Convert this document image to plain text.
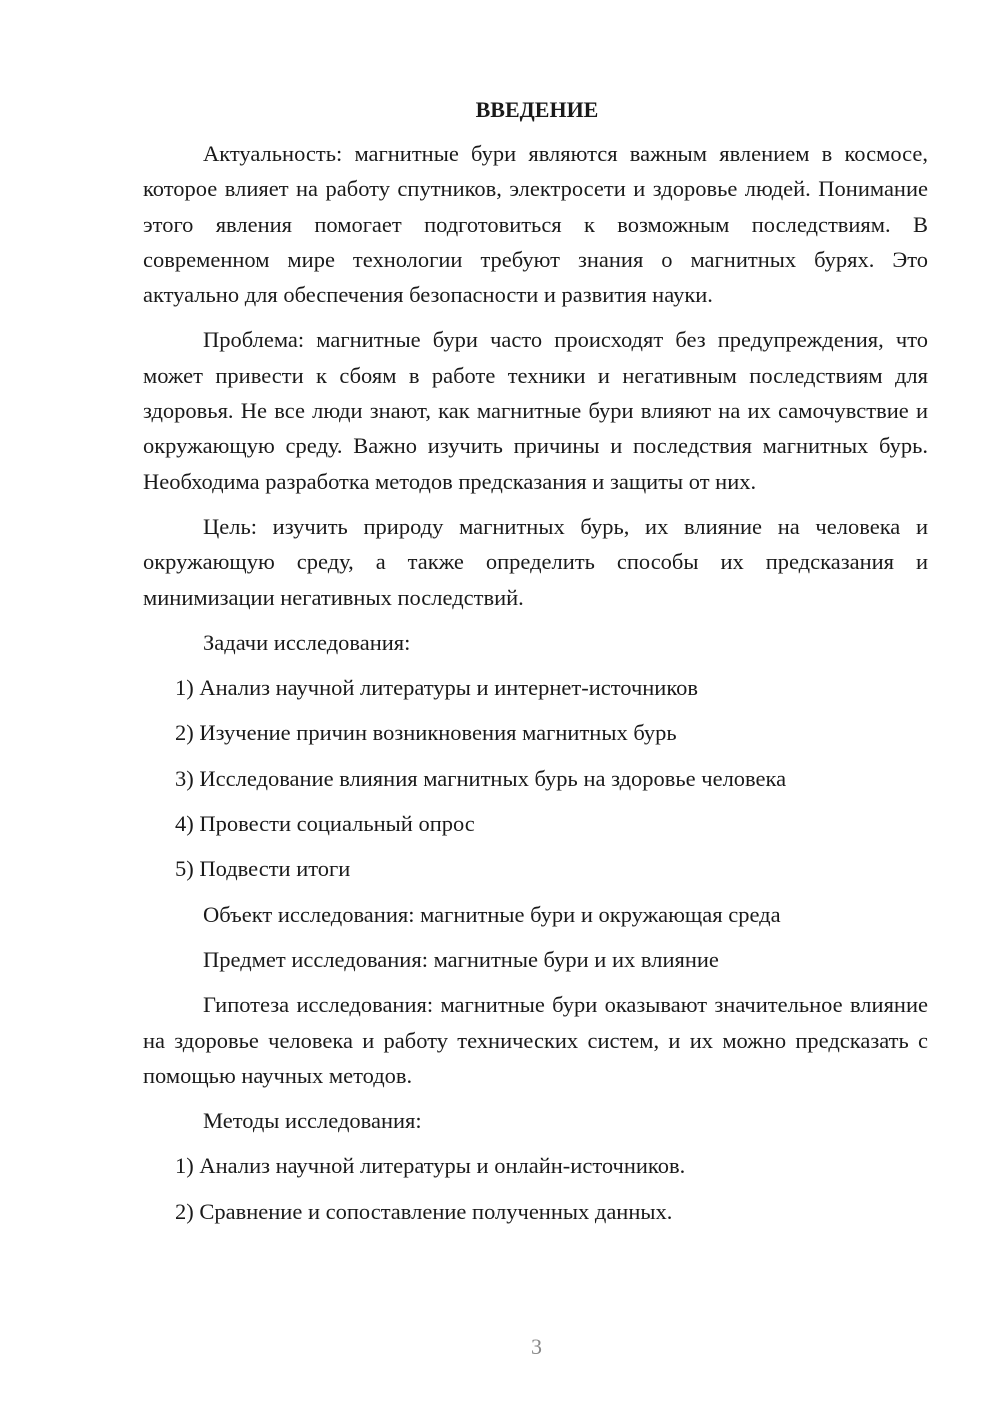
ВВЕДЕНИЕ

Актуальность: магнитные бури являются важным явлением в космосе, которое влияет на работу спутников, электросети и здоровье людей. Понимание этого явления помогает подготовиться к возможным последствиям. В современном мире технологии требуют знания о магнитных бурях. Это актуально для обеспечения безопасности и развития науки.

Проблема: магнитные бури часто происходят без предупреждения, что может привести к сбоям в работе техники и негативным последствиям для здоровья. Не все люди знают, как магнитные бури влияют на их самочувствие и окружающую среду. Важно изучить причины и последствия магнитных бурь. Необходима разработка методов предсказания и защиты от них.

Цель: изучить природу магнитных бурь, их влияние на человека и окружающую среду, а также определить способы их предсказания и минимизации негативных последствий.

Задачи исследования:
1) Анализ научной литературы и интернет-источников
2) Изучение причин возникновения магнитных бурь
3) Исследование влияния магнитных бурь на здоровье человека
4) Провести социальный опрос
5) Подвести итоги
Объект исследования: магнитные бури и окружающая среда
Предмет исследования: магнитные бури и их влияние

Гипотеза исследования: магнитные бури оказывают значительное влияние на здоровье человека и работу технических систем, и их можно предсказать с помощью научных методов.

Методы исследования:
1) Анализ научной литературы и онлайн-источников.
2) Сравнение и сопоставление полученных данных.
3
